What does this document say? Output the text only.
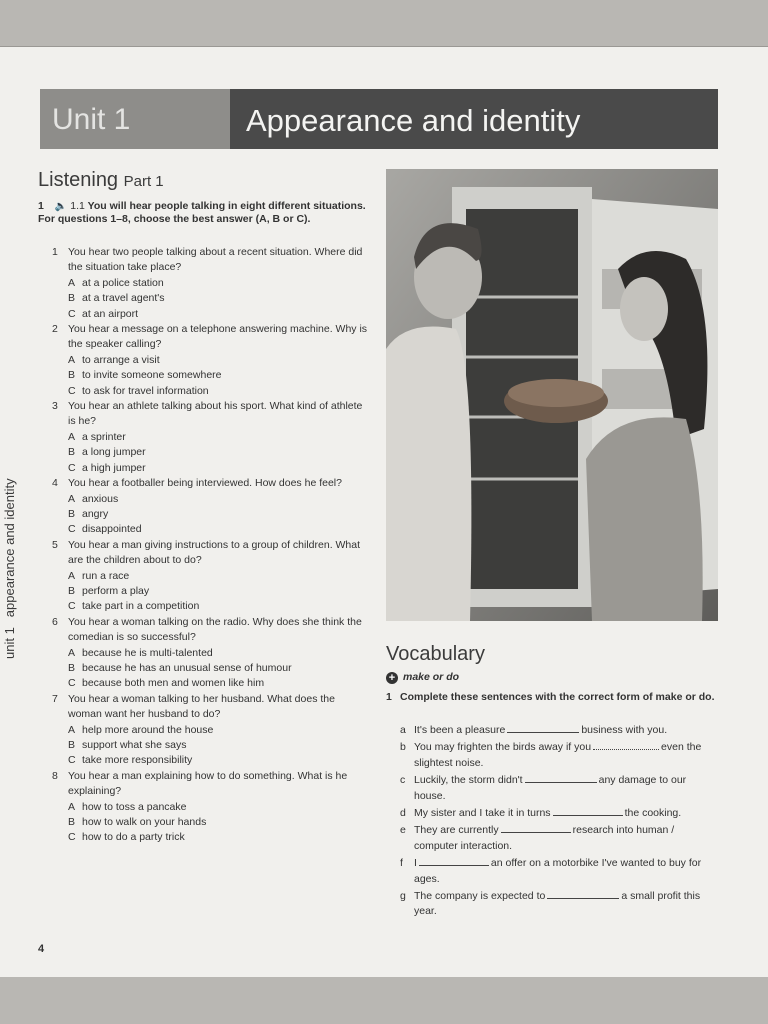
Unit 1	Appearance and identity
unit 1appearance and identity
Listening Part 1
1 🔈 1.1 You will hear people talking in eight different situations. For questions 1–8, choose the best answer (A, B or C).
1 You hear two people talking about a recent situation. Where did the situation take place?
A at a police station
B at a travel agent's
C at an airport
2 You hear a message on a telephone answering machine. Why is the speaker calling?
A to arrange a visit
B to invite someone somewhere
C to ask for travel information
3 You hear an athlete talking about his sport. What kind of athlete is he?
A a sprinter
B a long jumper
C a high jumper
4 You hear a footballer being interviewed. How does he feel?
A anxious
B angry
C disappointed
5 You hear a man giving instructions to a group of children. What are the children about to do?
A run a race
B perform a play
C take part in a competition
6 You hear a woman talking on the radio. Why does she think the comedian is so successful?
A because he is multi-talented
B because he has an unusual sense of humour
C because both men and women like him
7 You hear a woman talking to her husband. What does the woman want her husband to do?
A help more around the house
B support what she says
C take more responsibility
8 You hear a man explaining how to do something. What is he explaining?
A how to toss a pancake
B how to walk on your hands
C how to do a party trick
Vocabulary
+ make or do
1 Complete these sentences with the correct form of make or do.
a It's been a pleasure	business with you.
b You may frighten the birds away if you	even the slightest noise.
c Luckily, the storm didn't	any damage to our house.
d My sister and I take it in turns	the cooking.
e They are currently	research into human / computer interaction.
f I	an offer on a motorbike I've wanted to buy for ages.
g The company is expected to	a small profit this year.
4
